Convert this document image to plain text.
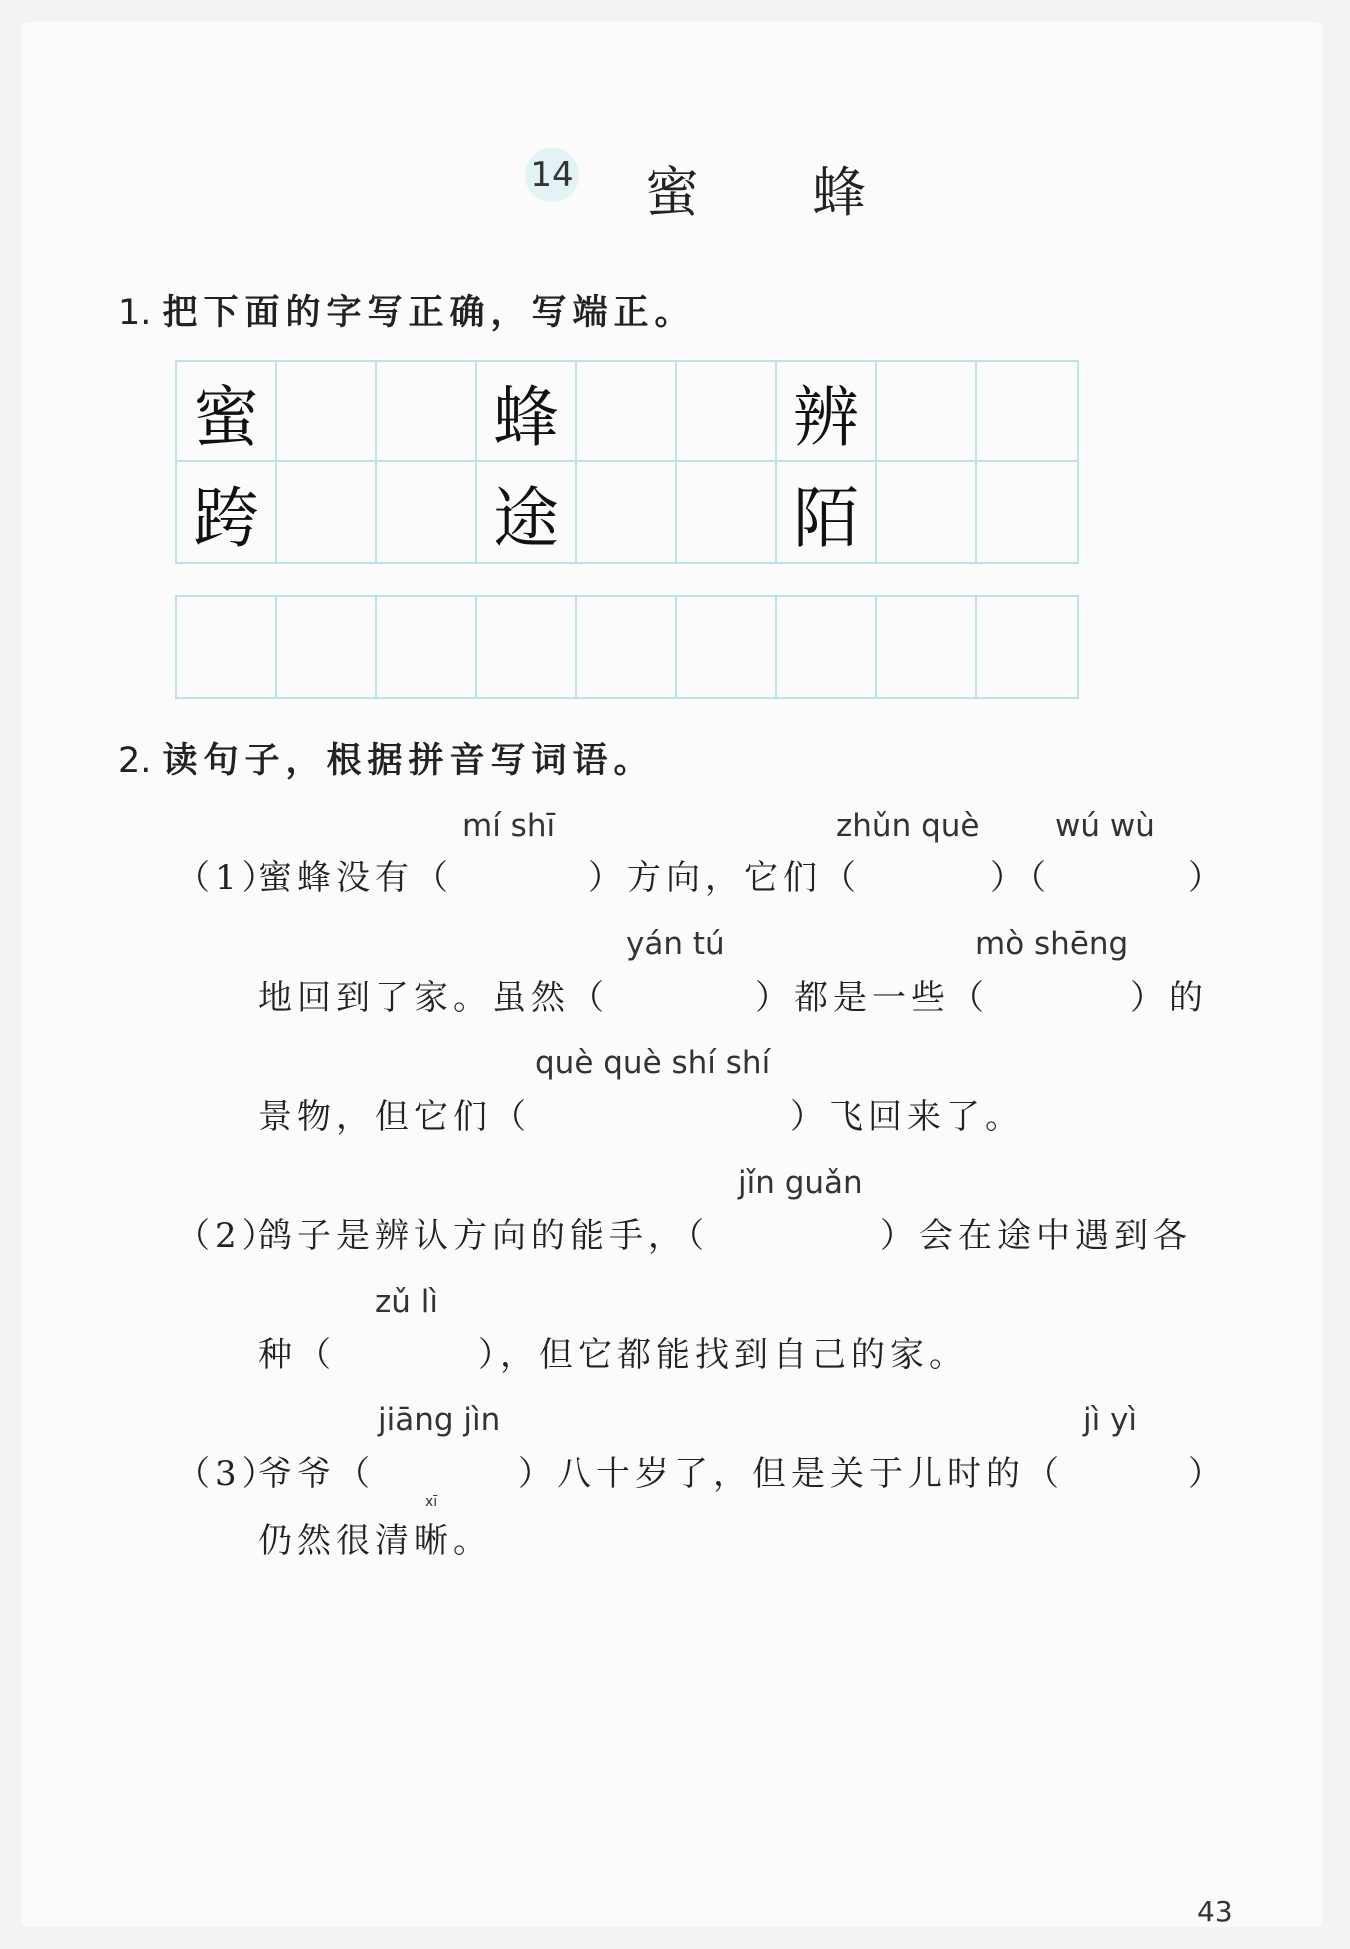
14 蜜 蜂
1. 把下面的字写正确，写端正。
蜜	蜂	辨
跨	途	陌
2. 读句子，根据拼音写词语。
mí shī	zhǔn què wú wù
（1）
蜜蜂没有（	）方向，它们（	）（	）
yán tú	mò shēng
地回到了家。虽然（	）都是一些（	）的
què què shí shí
景物，但它们（	）飞回来了。
jǐn guǎn
（2）
鸽子是辨认方向的能手，（	）会在途中遇到各
zǔ lì
种（	），但它都能找到自己的家。
jiāng jìn	jì yì
（3）
爷爷（	）八十岁了，但是关于儿时的（	）
xī
仍然很清晰。
43
